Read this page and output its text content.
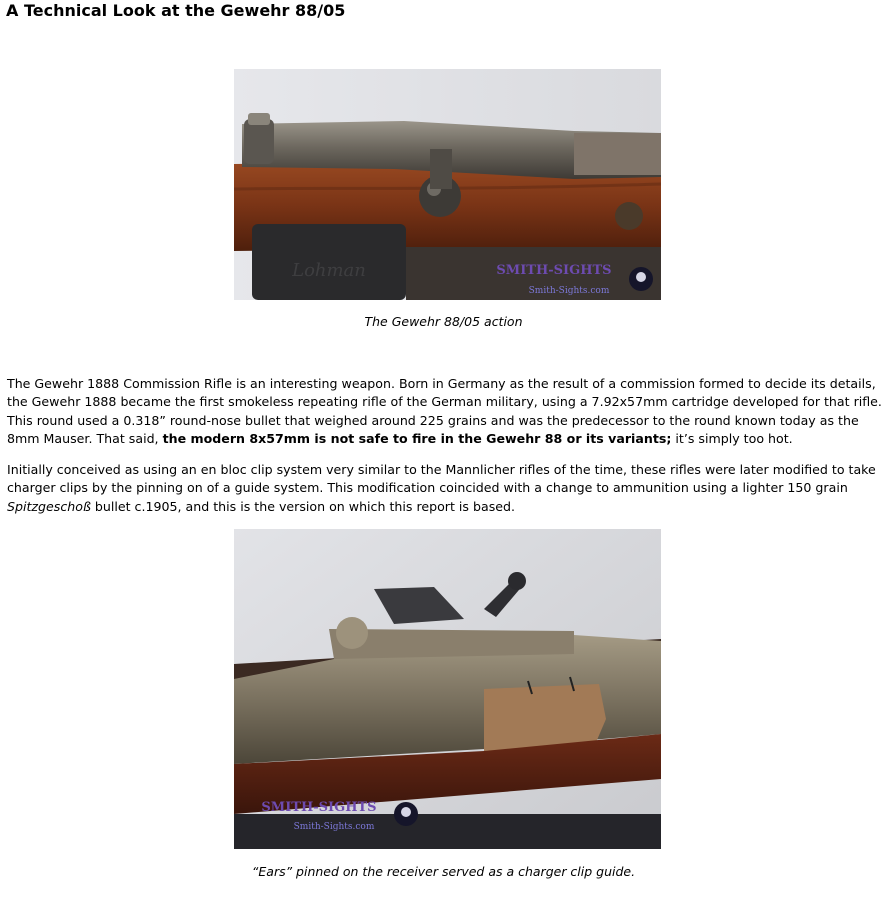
A Technical Look at the Gewehr 88/05
Lohman	SMITH-SIGHTS
Smith-Sights.com
The Gewehr 88/05 action

The Gewehr 1888 Commission Rifle is an interesting weapon. Born in Germany as the result of a commission formed to decide its details, the Gewehr 1888 became the first smokeless repeating rifle of the German military, using a 7.92x57mm cartridge developed for that rifle. This round used a 0.318” round-nose bullet that weighed around 225 grains and was the predecessor to the round known today as the 8mm Mauser. That said, the modern 8x57mm is not safe to fire in the Gewehr 88 or its variants; it’s simply too hot.

Initially conceived as using an en bloc clip system very similar to the Mannlicher rifles of the time, these rifles were later modified to take charger clips by the pinning on of a guide system. This modification coincided with a change to ammunition using a lighter 150 grain Spitzgeschoß bullet c.1905, and this is the version on which this report is based.

SMITH-SIGHTS
Smith-Sights.com
“Ears” pinned on the receiver served as a charger clip guide.
